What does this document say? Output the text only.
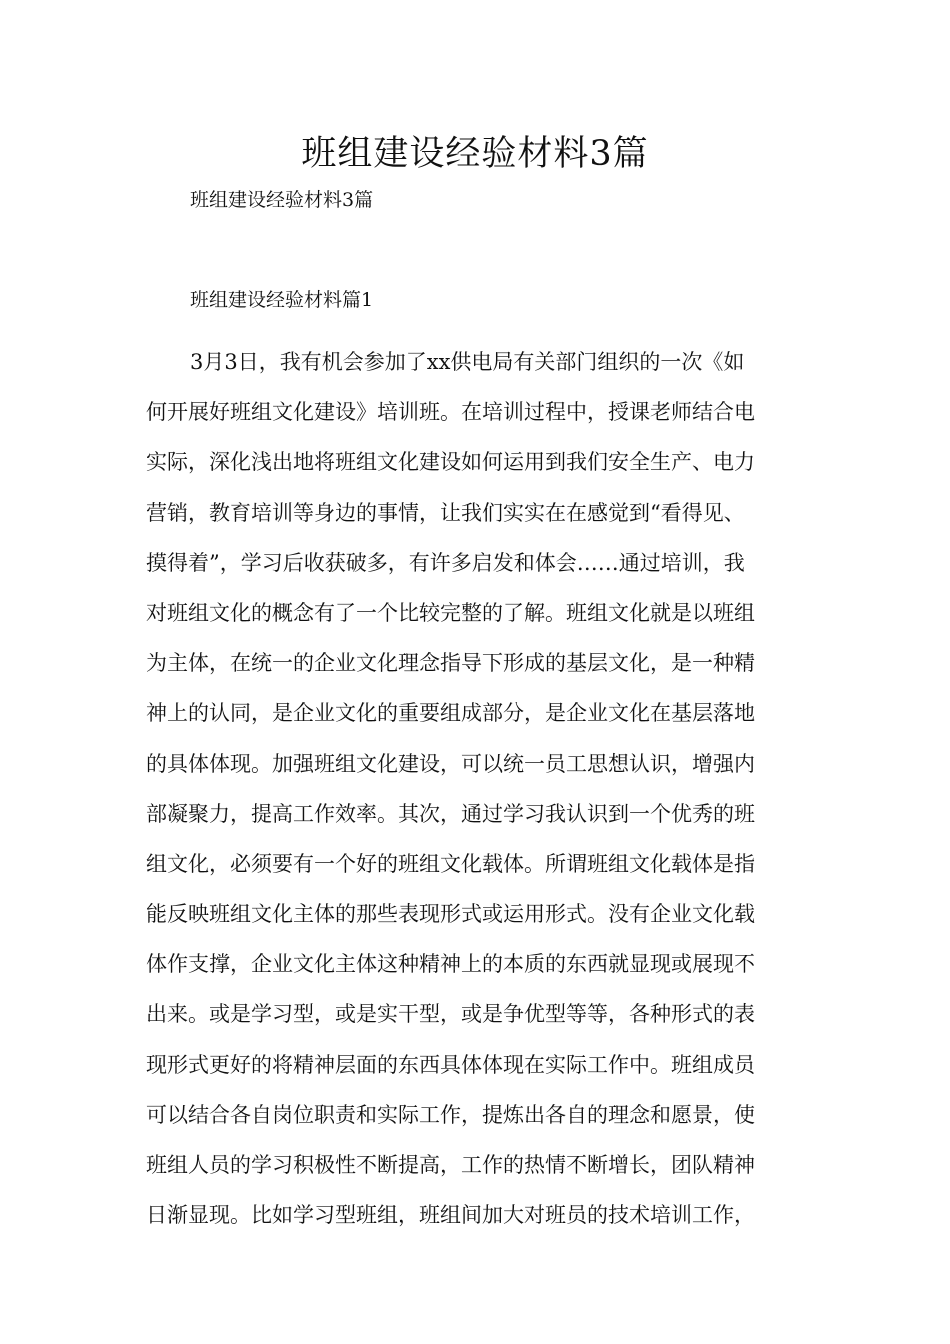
班组建设经验材料3篇

班组建设经验材料3篇

班组建设经验材料篇1

3月3日，我有机会参加了xx供电局有关部门组织的一次《如
何开展好班组文化建设》培训班。在培训过程中，授课老师结合电
实际，深化浅出地将班组文化建设如何运用到我们安全生产、电力
营销，教育培训等身边的事情，让我们实实在在感觉到“看得见、
摸得着”，学习后收获破多，有许多启发和体会……通过培训，我
对班组文化的概念有了一个比较完整的了解。班组文化就是以班组
为主体，在统一的企业文化理念指导下形成的基层文化，是一种精
神上的认同，是企业文化的重要组成部分，是企业文化在基层落地
的具体体现。加强班组文化建设，可以统一员工思想认识，增强内
部凝聚力，提高工作效率。其次，通过学习我认识到一个优秀的班
组文化，必须要有一个好的班组文化载体。所谓班组文化载体是指
能反映班组文化主体的那些表现形式或运用形式。没有企业文化载
体作支撑，企业文化主体这种精神上的本质的东西就显现或展现不
出来。或是学习型，或是实干型，或是争优型等等，各种形式的表
现形式更好的将精神层面的东西具体体现在实际工作中。班组成员
可以结合各自岗位职责和实际工作，提炼出各自的理念和愿景，使
班组人员的学习积极性不断提高，工作的热情不断增长，团队精神
日渐显现。比如学习型班组，班组间加大对班员的技术培训工作，
